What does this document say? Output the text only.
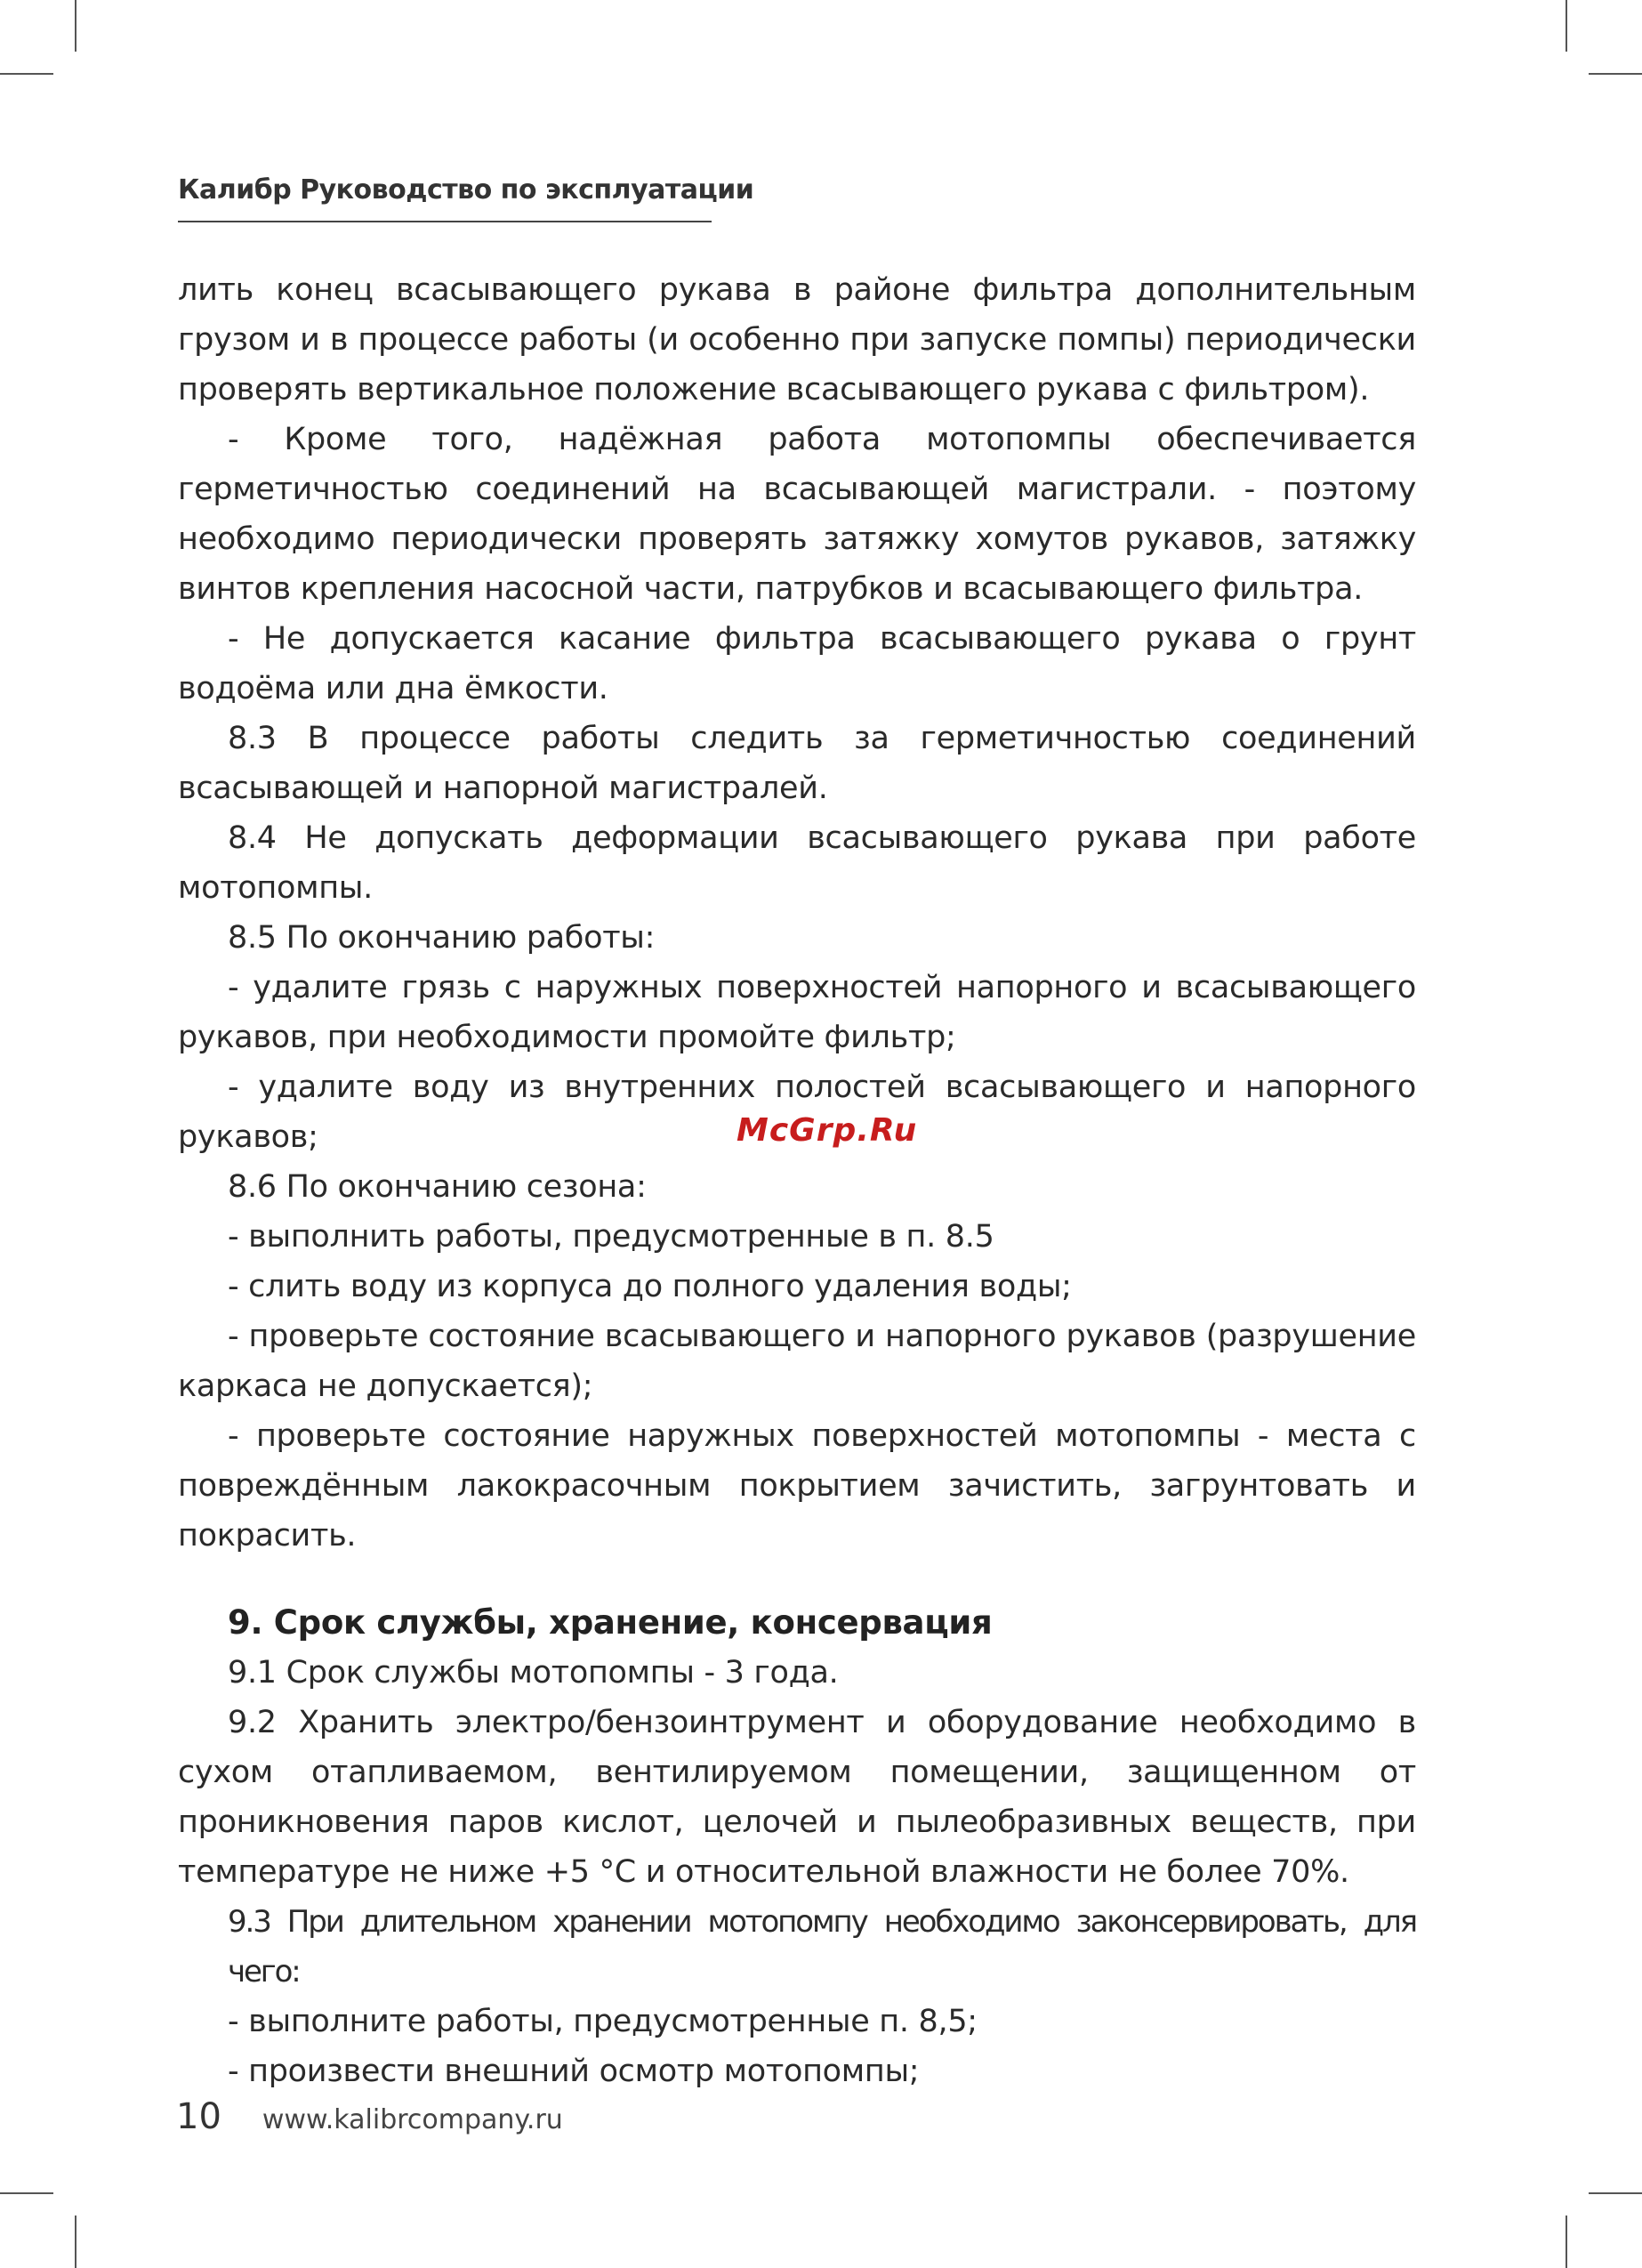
Калибр Руководство по эксплуатации

лить конец всасывающего рукава в районе фильтра дополнительным грузом и в процессе работы (и особенно при запуске помпы) периодически проверять вертикальное положение всасывающего рукава с фильтром).

- Кроме того, надёжная работа мотопомпы обеспечивается герметичностью соединений на всасывающей магистрали. - поэтому необходимо периодически проверять затяжку хомутов рукавов, затяжку винтов крепления насосной части, патрубков и всасывающего фильтра.

- Не допускается касание фильтра всасывающего рукава о грунт водоёма или дна ёмкости.

8.3 В процессе работы следить за герметичностью соединений всасывающей и напорной магистралей.

8.4 Не допускать деформации всасывающего рукава при работе мотопомпы.

8.5 По окончанию работы:

- удалите грязь с наружных поверхностей напорного и всасывающего рукавов, при необходимости промойте фильтр;

- удалите воду из внутренних полостей всасывающего и напорного рукавов;

8.6 По окончанию сезона:

- выполнить работы, предусмотренные в п. 8.5

- слить воду из корпуса до полного удаления воды;

- проверьте состояние всасывающего и напорного рукавов (разрушение каркаса не допускается);

- проверьте состояние наружных поверхностей мотопомпы - места с повреждённым лакокрасочным покрытием зачистить, загрунтовать и покрасить.

9. Срок службы, хранение, консервация

9.1 Срок службы мотопомпы - 3 года.

9.2 Хранить электро/бензоинтрумент и оборудование необходимо в сухом отапливаемом, вентилируемом помещении, защищенном от проникновения паров кислот, целочей и пылеобразивных веществ, при температуре не ниже +5 °С и относительной влажности не более 70%.

9.3 При длительном хранении мотопомпу необходимо законсервировать, для чего:

- выполните работы, предусмотренные п. 8,5;

- произвести внешний осмотр мотопомпы;

McGrp.Ru
10 www.kalibrcompany.ru
